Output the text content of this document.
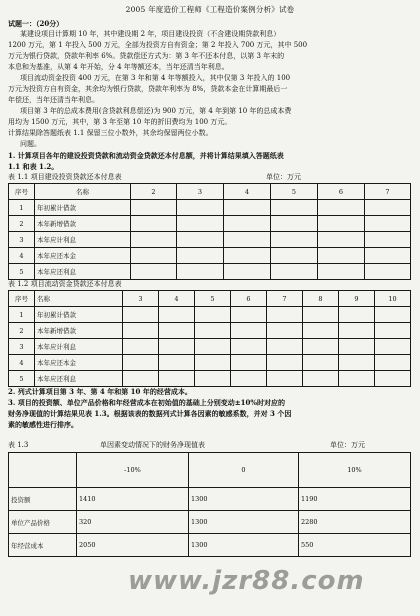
2005 年度造价工程师《工程造价案例分析》试卷
试题一：（20分）
某建设项目计算期 10 年，其中建设期 2 年，项目建设投资（不含建设期贷款利息）
1200 万元，第 1 年投入 500 万元，全部为投资方自有资金；第 2 年投入 700 万元，其中 500
万元为银行贷款，贷款年利率 6%。贷款偿还方式为：第 3 年不还本付息，以第 3 年末的
本息和为基准，从第 4 年开始，分 4 年等额还本，当年还清当年利息。
项目流动资金投资 400 万元，在第 3 年和第 4 年等额投入，其中仅第 3 年投入的 100
万元为投资方自有资金，其余均为银行贷款，贷款年利率为 8%，贷款本金在计算期最后一
年偿还，当年还清当年利息。
项目第 3 年的总成本费用(含贷款利息偿还)为 900 万元，第 4 年到第 10 年的总成本费
用均为 1500 万元，其中，第 3 年至第 10 年的折旧费均为 100 万元。
计算结果除答题纸表 1.1 保留三位小数外，其余均保留两位小数。
问题。
1. 计算项目各年的建设投资贷款和流动资金贷款还本付息额，并将计算结果填入答题纸表
1.1 和表 1.2。
表 1.1 项目建设投资贷款还本付息表	单位：万元
序号	名称	2	3	4	5	6	7
1	年初累计借款						
2	本年新增借款						
3	本年应计利息						
4	本年应还本金						
5	本年应还利息						
表 1.2 项目流动资金贷款还本付息表
序号	名称	3	4	5	6	7	8	9	10
1	年初累计借款								
2	本年新增借款								
3	本年应计利息								
4	本年应还本金								
5	本年应还利息								
2. 列式计算项目第 3 年、第 4 年和第 10 年的经营成本。
3. 项目的投资额、单位产品价格和年经营成本在初始值的基础上分别变动±10%时对应的
财务净现值的计算结果见表 1.3。根据该表的数据列式计算各因素的敏感系数，并对 3 个因
素的敏感性进行排序。
表 1.3	单因素变动情况下的财务净现值表	单位：万元
	-10%	0	10%
投资额	1410	1300	1190
单位产品价格	320	1300	2280
年经营成本	2050	1300	550
www.jzr88.com
